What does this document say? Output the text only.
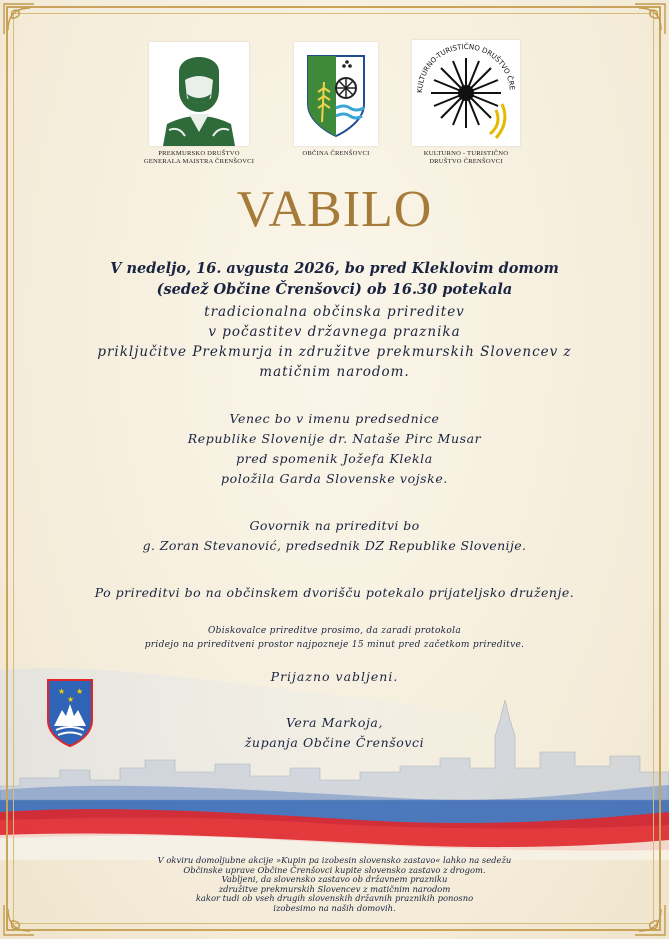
★ ★
★
PREKMURSKO DRUŠTVO
GENERALA MAISTRA ČRENŠOVCI
OBČINA ČRENŠOVCI
KULTURNO-TURISTIČNO DRUŠTVO ČRE
KULTURNO - TURISTIČNO
DRUŠTVO ČRENŠOVCI
VABILO
V nedeljo, 16. avgusta 2026, bo pred Kleklovim domom
(sedež Občine Črenšovci) ob 16.30 potekala
tradicionalna občinska prireditev
v počastitev državnega praznika
priključitve Prekmurja in združitve prekmurskih Slovencev z
matičnim narodom.
Venec bo v imenu predsednice
Republike Slovenije dr. Nataše Pirc Musar
pred spomenik Jožefa Klekla
položila Garda Slovenske vojske.
Govornik na prireditvi bo
g. Zoran Stevanović, predsednik DZ Republike Slovenije.
Po prireditvi bo na občinskem dvorišču potekalo prijateljsko druženje.
Obiskovalce prireditve prosimo, da zaradi protokola
pridejo na prireditveni prostor najpozneje 15 minut pred začetkom prireditve.
Prijazno vabljeni.
Vera Markoja,
županja Občine Črenšovci
V okviru domoljubne akcije »Kupin pa izobesin slovensko zastavo« lahko na sedežu
Občinske uprave Občine Črenšovci kupite slovensko zastavo z drogom.
Vabljeni, da slovensko zastavo ob državnem prazniku
združitve prekmurskih Slovencev z matičnim narodom
kakor tudi ob vseh drugih slovenskih državnih praznikih ponosno
izobesimo na naših domovih.
